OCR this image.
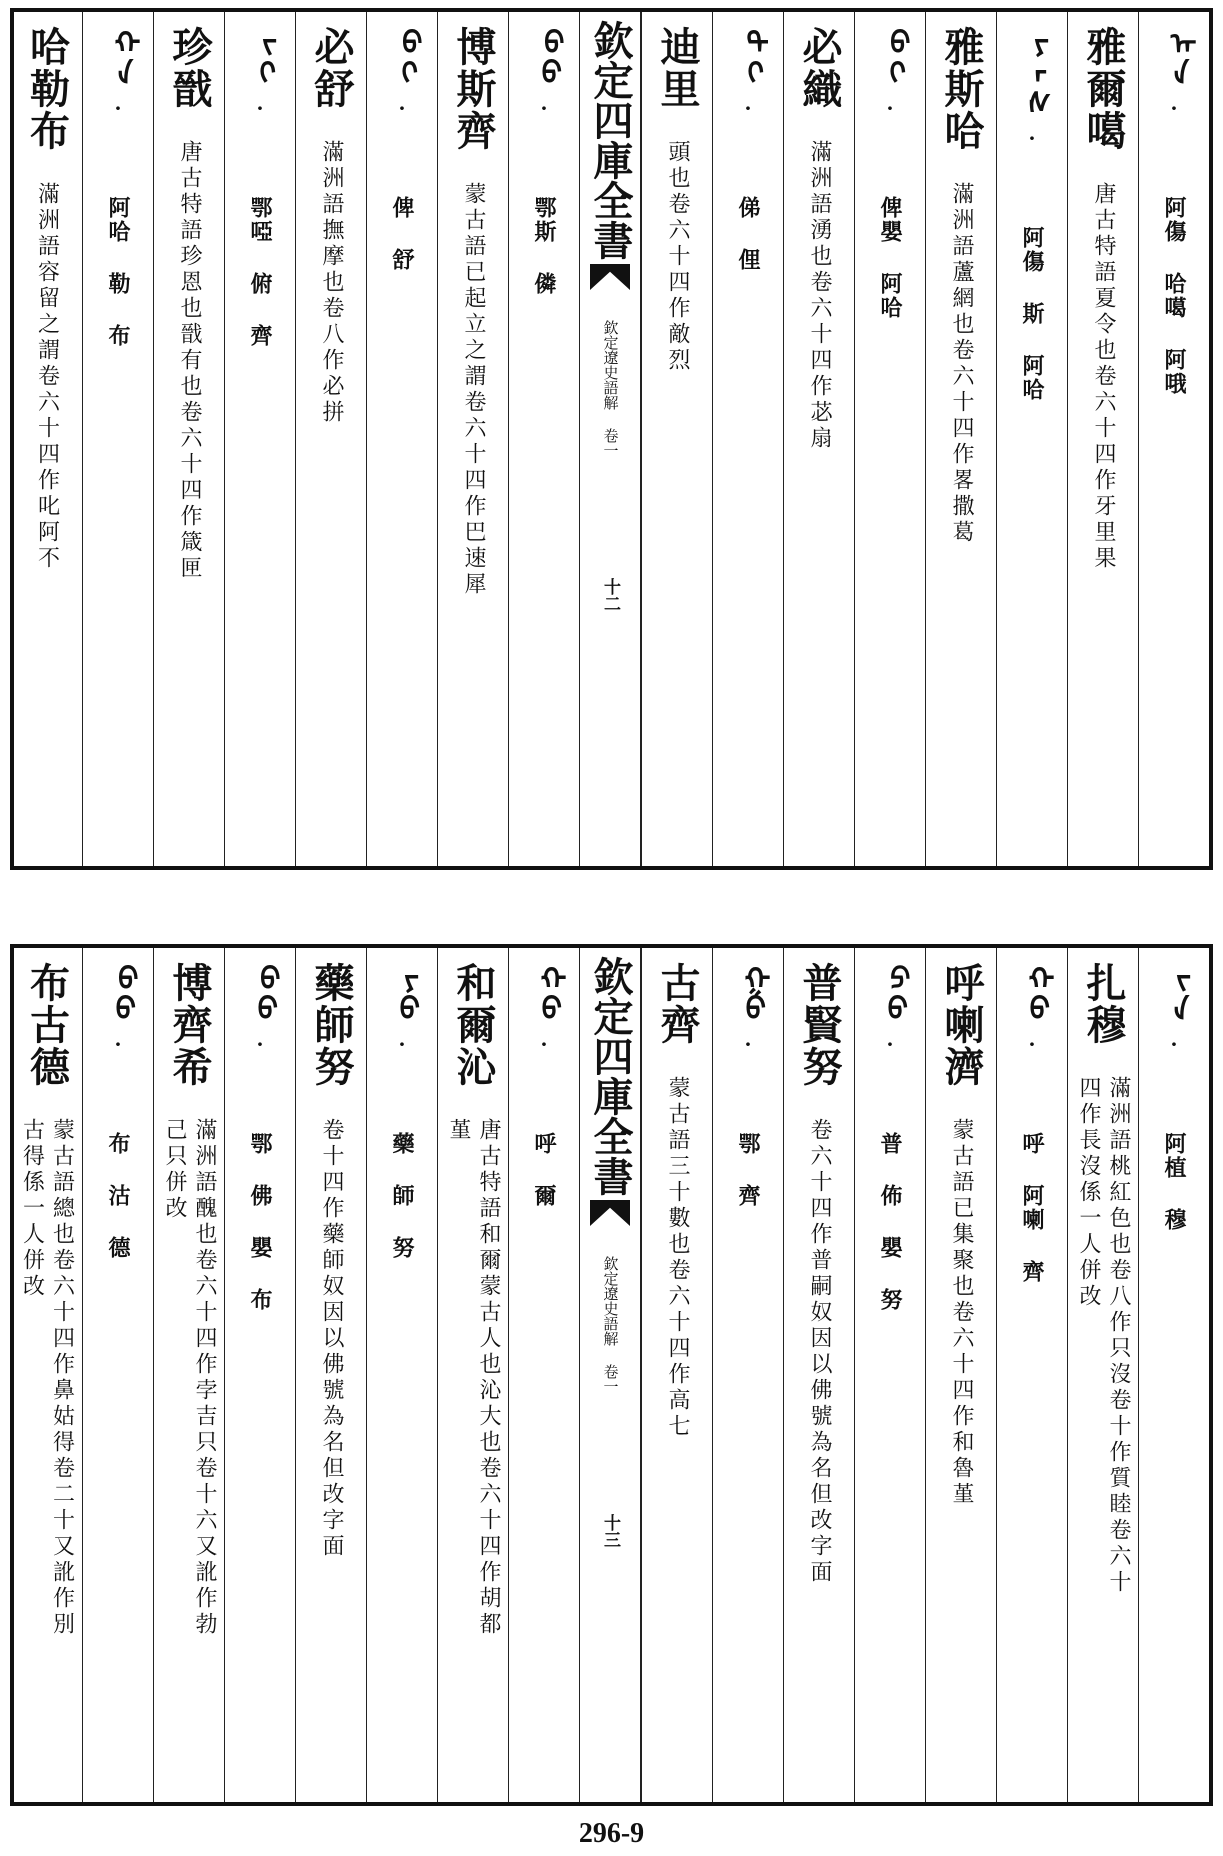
ᠠᠨ
·
阿傷 哈噶 阿哦
雅爾噶
唐古特語夏令也卷六十四作牙里果
ᠶᠠᠰ
·
阿傷 斯 阿哈
雅斯哈
滿洲語蘆網也卷六十四作畧撒葛
ᠪᠢ
·
俾嬰 阿哈
必織
滿洲語湧也卷六十四作苾扇
ᠳᠢ
·
俤 俚
迪里
頭也卷六十四作敵烈
欽定四庫全書
欽定遼史語解 卷一
十二
ᠪᠣ
·
鄂斯 僯
博斯齊
蒙古語已起立之謂卷六十四作巴速犀
ᠪᠢ
·
俾 舒
必舒
滿洲語撫摩也卷八作必拼
ᠵᠢ
·
鄂啞 俯 齊
珍戩
唐古特語珍恩也戩有也卷六十四作箴匣
ᠬᠠ
·
阿哈 勒 布
哈勒布
滿洲語容留之謂卷六十四作叱阿不
ᠵᠠ
·
阿植 穆
扎穆
滿洲語桃紅色也卷八作只沒卷十作質睦卷六十四作長沒係一人併改
ᠬᠦ
·
呼 阿喇 齊
呼喇濟
蒙古語已集聚也卷六十四作和魯堇
ᠫᠦ
·
普 佈 嬰 努
普賢努
卷六十四作普嗣奴因以佛號為名但改字面
ᠭᠦ
·
鄂 齊
古齊
蒙古語三十數也卷六十四作高七
欽定四庫全書
欽定遼史語解 卷一
十三
ᠬᠣ
·
呼 爾
和爾沁
唐古特語和爾蒙古人也沁大也卷六十四作胡都堇
ᠶᠣ
·
藥 師 努
藥師努
卷十四作藥師奴因以佛號為名但改字面
ᠪᠣ
·
鄂 佛 嬰 布
博齊希
滿洲語醜也卷六十四作孛吉只卷十六又訛作勃己只併改
ᠪᠦ
·
布 沽 德
布古德
蒙古語總也卷六十四作鼻姑得卷二十又訛作別古得係一人併改
296-9
